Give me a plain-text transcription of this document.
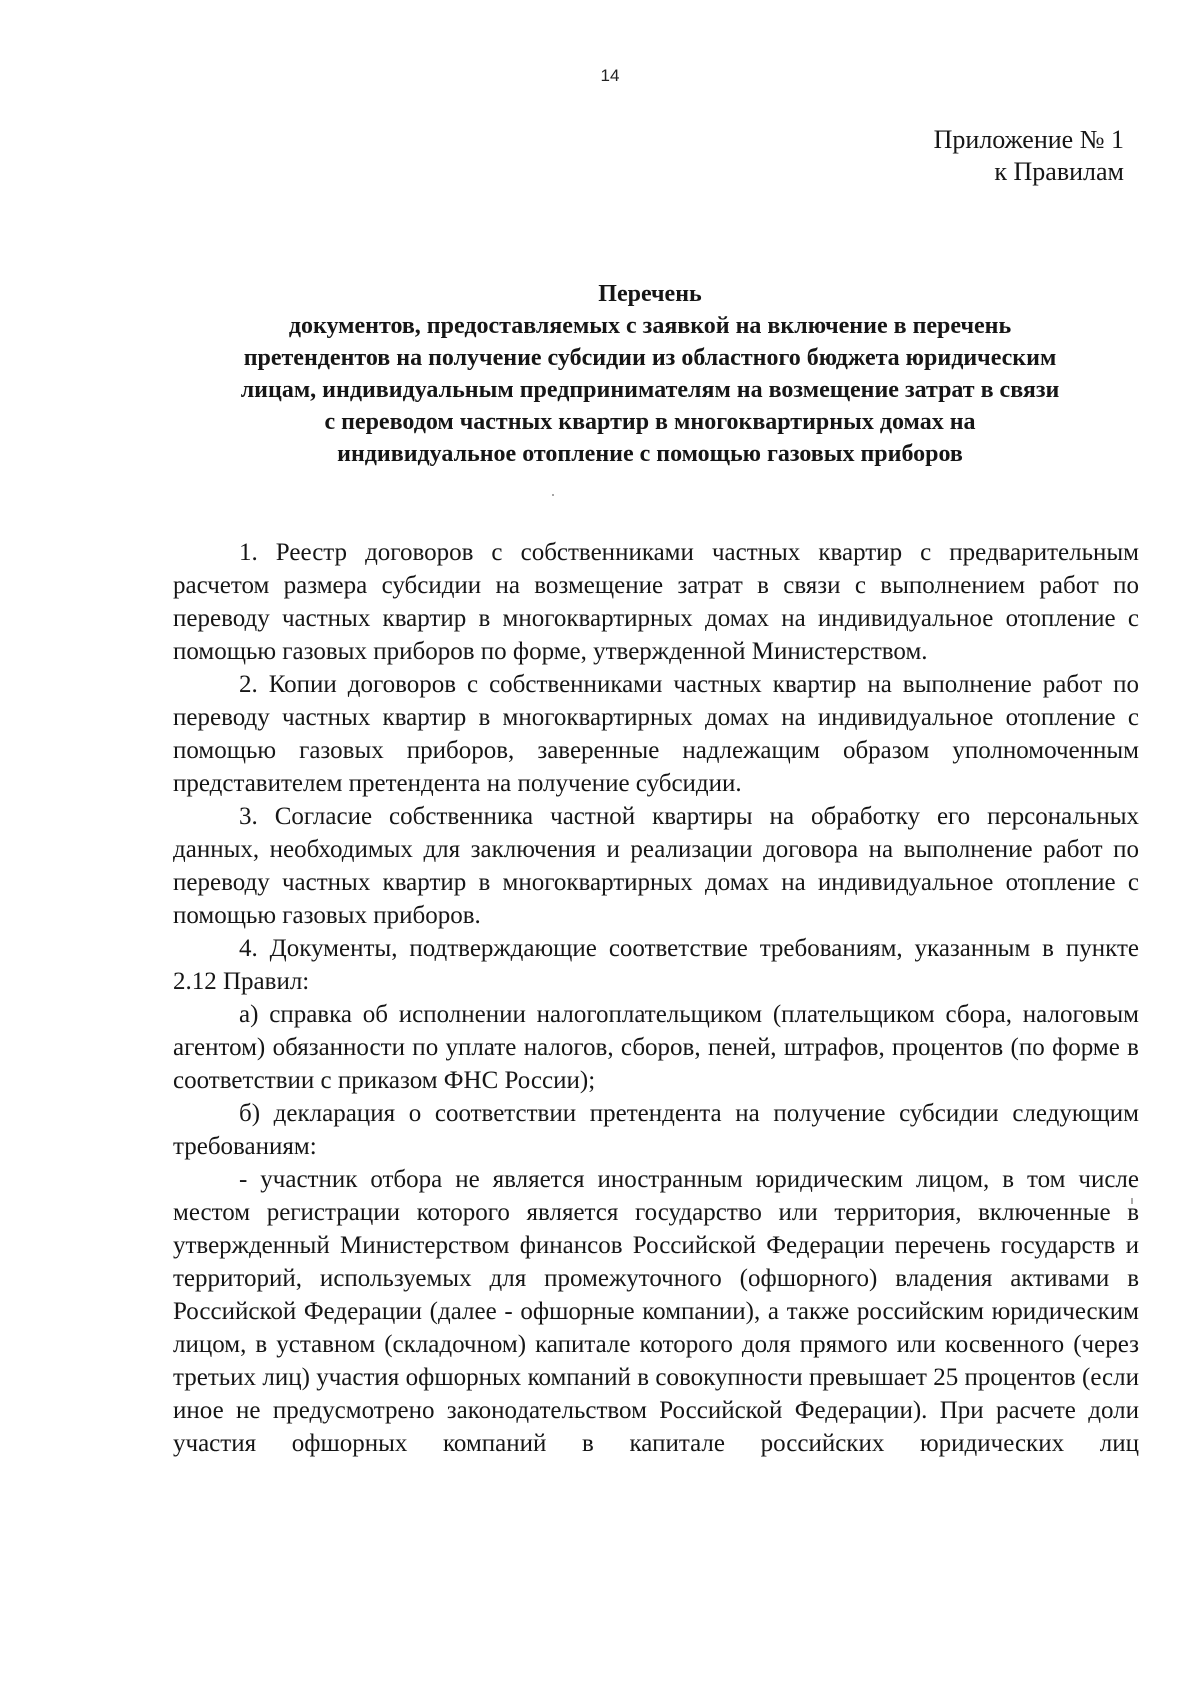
14
Приложение № 1
к Правилам
Перечень
документов, предоставляемых с заявкой на включение в перечень
претендентов на получение субсидии из областного бюджета юридическим
лицам, индивидуальным предпринимателям на возмещение затрат в связи
с переводом частных квартир в многоквартирных домах на
индивидуальное отопление с помощью газовых приборов

1. Реестр договоров с собственниками частных квартир с предварительным расчетом размера субсидии на возмещение затрат в связи с выполнением работ по переводу частных квартир в многоквартирных домах на индивидуальное отопление с помощью газовых приборов по форме, утвержденной Министерством.

2. Копии договоров с собственниками частных квартир на выполнение работ по переводу частных квартир в многоквартирных домах на индивидуальное отопление с помощью газовых приборов, заверенные надлежащим образом уполномоченным представителем претендента на получение субсидии.

3. Согласие собственника частной квартиры на обработку его персональных данных, необходимых для заключения и реализации договора на выполнение работ по переводу частных квартир в многоквартирных домах на индивидуальное отопление с помощью газовых приборов.

4. Документы, подтверждающие соответствие требованиям, указанным в пункте 2.12 Правил:

а) справка об исполнении налогоплательщиком (плательщиком сбора, налоговым агентом) обязанности по уплате налогов, сборов, пеней, штрафов, процентов (по форме в соответствии с приказом ФНС России);

б) декларация о соответствии претендента на получение субсидии следующим требованиям:

- участник отбора не является иностранным юридическим лицом, в том числе местом регистрации которого является государство или территория, включенные в утвержденный Министерством финансов Российской Федерации перечень государств и территорий, используемых для промежуточного (офшорного) владения активами в Российской Федерации (далее - офшорные компании), а также российским юридическим лицом, в уставном (складочном) капитале которого доля прямого или косвенного (через третьих лиц) участия офшорных компаний в совокупности превышает 25 процентов (если иное не предусмотрено законодательством Российской Федерации). При расчете доли участия офшорных компаний в капитале российских юридических лиц
